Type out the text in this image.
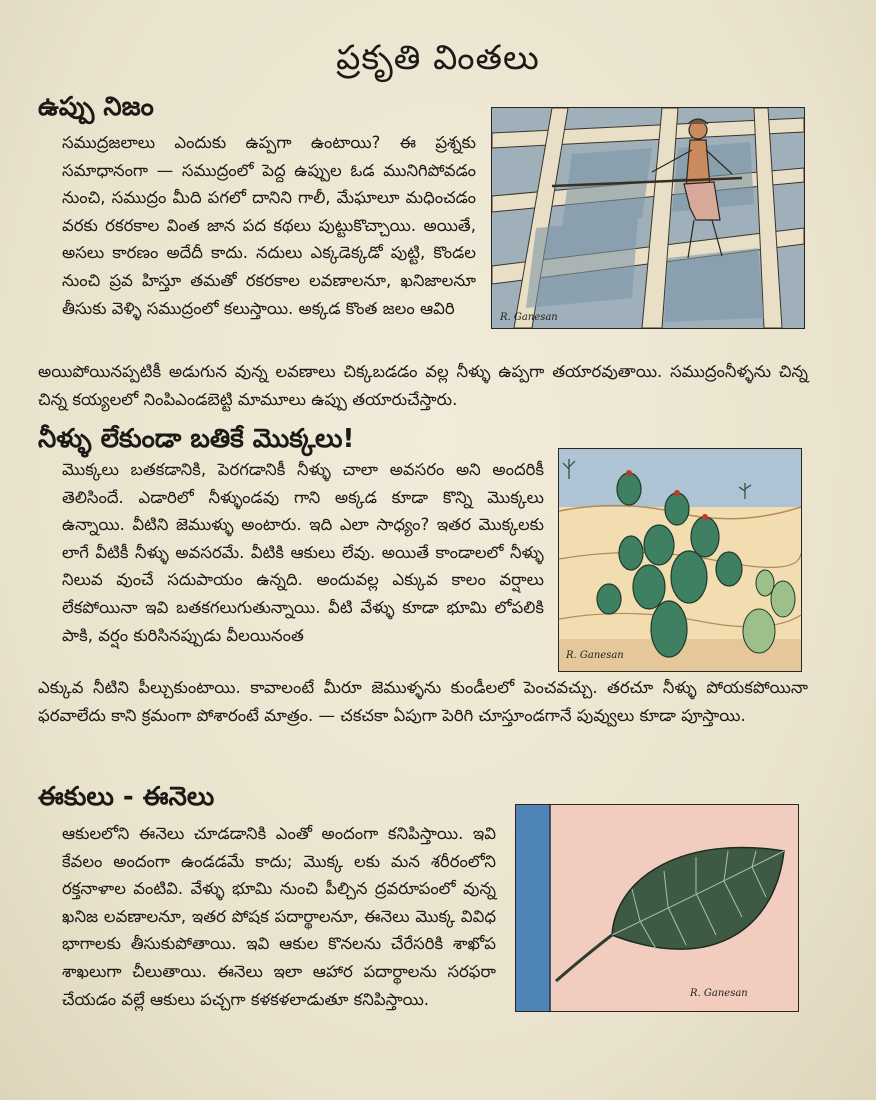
ప్రకృతి వింతలు
ఉప్పు నిజం

సముద్రజలాలు ఎందుకు ఉప్పగా ఉంటాయి? ఈ ప్రశ్నకు సమాధానంగా — సముద్రంలో పెద్ద ఉప్పుల ఓడ మునిగిపోవడం నుంచి, సముద్రం మీది పగలో దానిని గాలీ, మేఘాలూ మధించడం వరకు రకరకాల వింత జాన పద కథలు పుట్టుకొచ్చాయి. అయితే, అసలు కారణం అదేదీ కాదు. నదులు ఎక్కడెక్కడో పుట్టి, కొండల నుంచి ప్రవ హిస్తూ తమతో రకరకాల లవణాలనూ, ఖనిజాలనూ తీసుకు వెళ్ళి సముద్రంలో కలుస్తాయి. అక్కడ కొంత జలం ఆవిరి	R. Ganesan

అయిపోయినప్పటికీ అడుగున వున్న లవణాలు చిక్కబడడం వల్ల నీళ్ళు ఉప్పగా తయారవుతాయి. సముద్రంనీళ్ళను చిన్న చిన్న కయ్యలలో నింపిఎండబెట్టి మామూలు ఉప్పు తయారుచేస్తారు.

నీళ్ళు లేకుండా బతికే మొక్కలు!

మొక్కలు బతకడానికి, పెరగడానికీ నీళ్ళు చాలా అవసరం అని అందరికీ తెలిసిందే. ఎడారిలో నీళ్ళుండవు గాని అక్కడ కూడా కొన్ని మొక్కలు ఉన్నాయి. వీటిని జెముళ్ళు అంటారు. ఇది ఎలా సాధ్యం? ఇతర మొక్కలకు లాగే వీటికీ నీళ్ళు అవసరమే. వీటికి ఆకులు లేవు. అయితే కాండాలలో నీళ్ళు నిలువ వుంచే సదుపాయం ఉన్నది. అందువల్ల ఎక్కువ కాలం వర్షాలు లేకపోయినా ఇవి బతకగలుగుతున్నాయి. వీటి వేళ్ళు కూడా భూమి లోపలికి పాకి, వర్షం కురిసినప్పుడు వీలయినంత

R. Ganesan

ఎక్కువ నీటిని పీల్చుకుంటాయి. కావాలంటే మీరూ జెముళ్ళను కుండీలలో పెంచవచ్చు. తరచూ నీళ్ళు పోయకపోయినా ఫరవాలేదు కాని క్రమంగా పోశారంటే మాత్రం. — చకచకా ఏపుగా పెరిగి చూస్తూండగానే పువ్వులు కూడా పూస్తాయి.

ఈకులు - ఈనెలు

ఆకులలోని ఈనెలు చూడడానికి ఎంతో అందంగా కనిపిస్తాయి. ఇవి కేవలం అందంగా ఉండడమే కాదు; మొక్క లకు మన శరీరంలోని రక్తనాళాల వంటివి. వేళ్ళు భూమి నుంచి పీల్చిన ద్రవరూపంలో వున్న ఖనిజ లవణాలనూ, ఇతర పోషక పదార్థాలనూ, ఈనెలు మొక్క వివిధ భాగాలకు తీసుకుపోతాయి. ఇవి ఆకుల కొనలను చేరేసరికి శాఖోప శాఖలుగా చీలుతాయి. ఈనెలు ఇలా ఆహార పదార్థాలను సరఫరా చేయడం వల్లే ఆకులు పచ్చగా కళకళలాడుతూ కనిపిస్తాయి.	R. Ganesan
